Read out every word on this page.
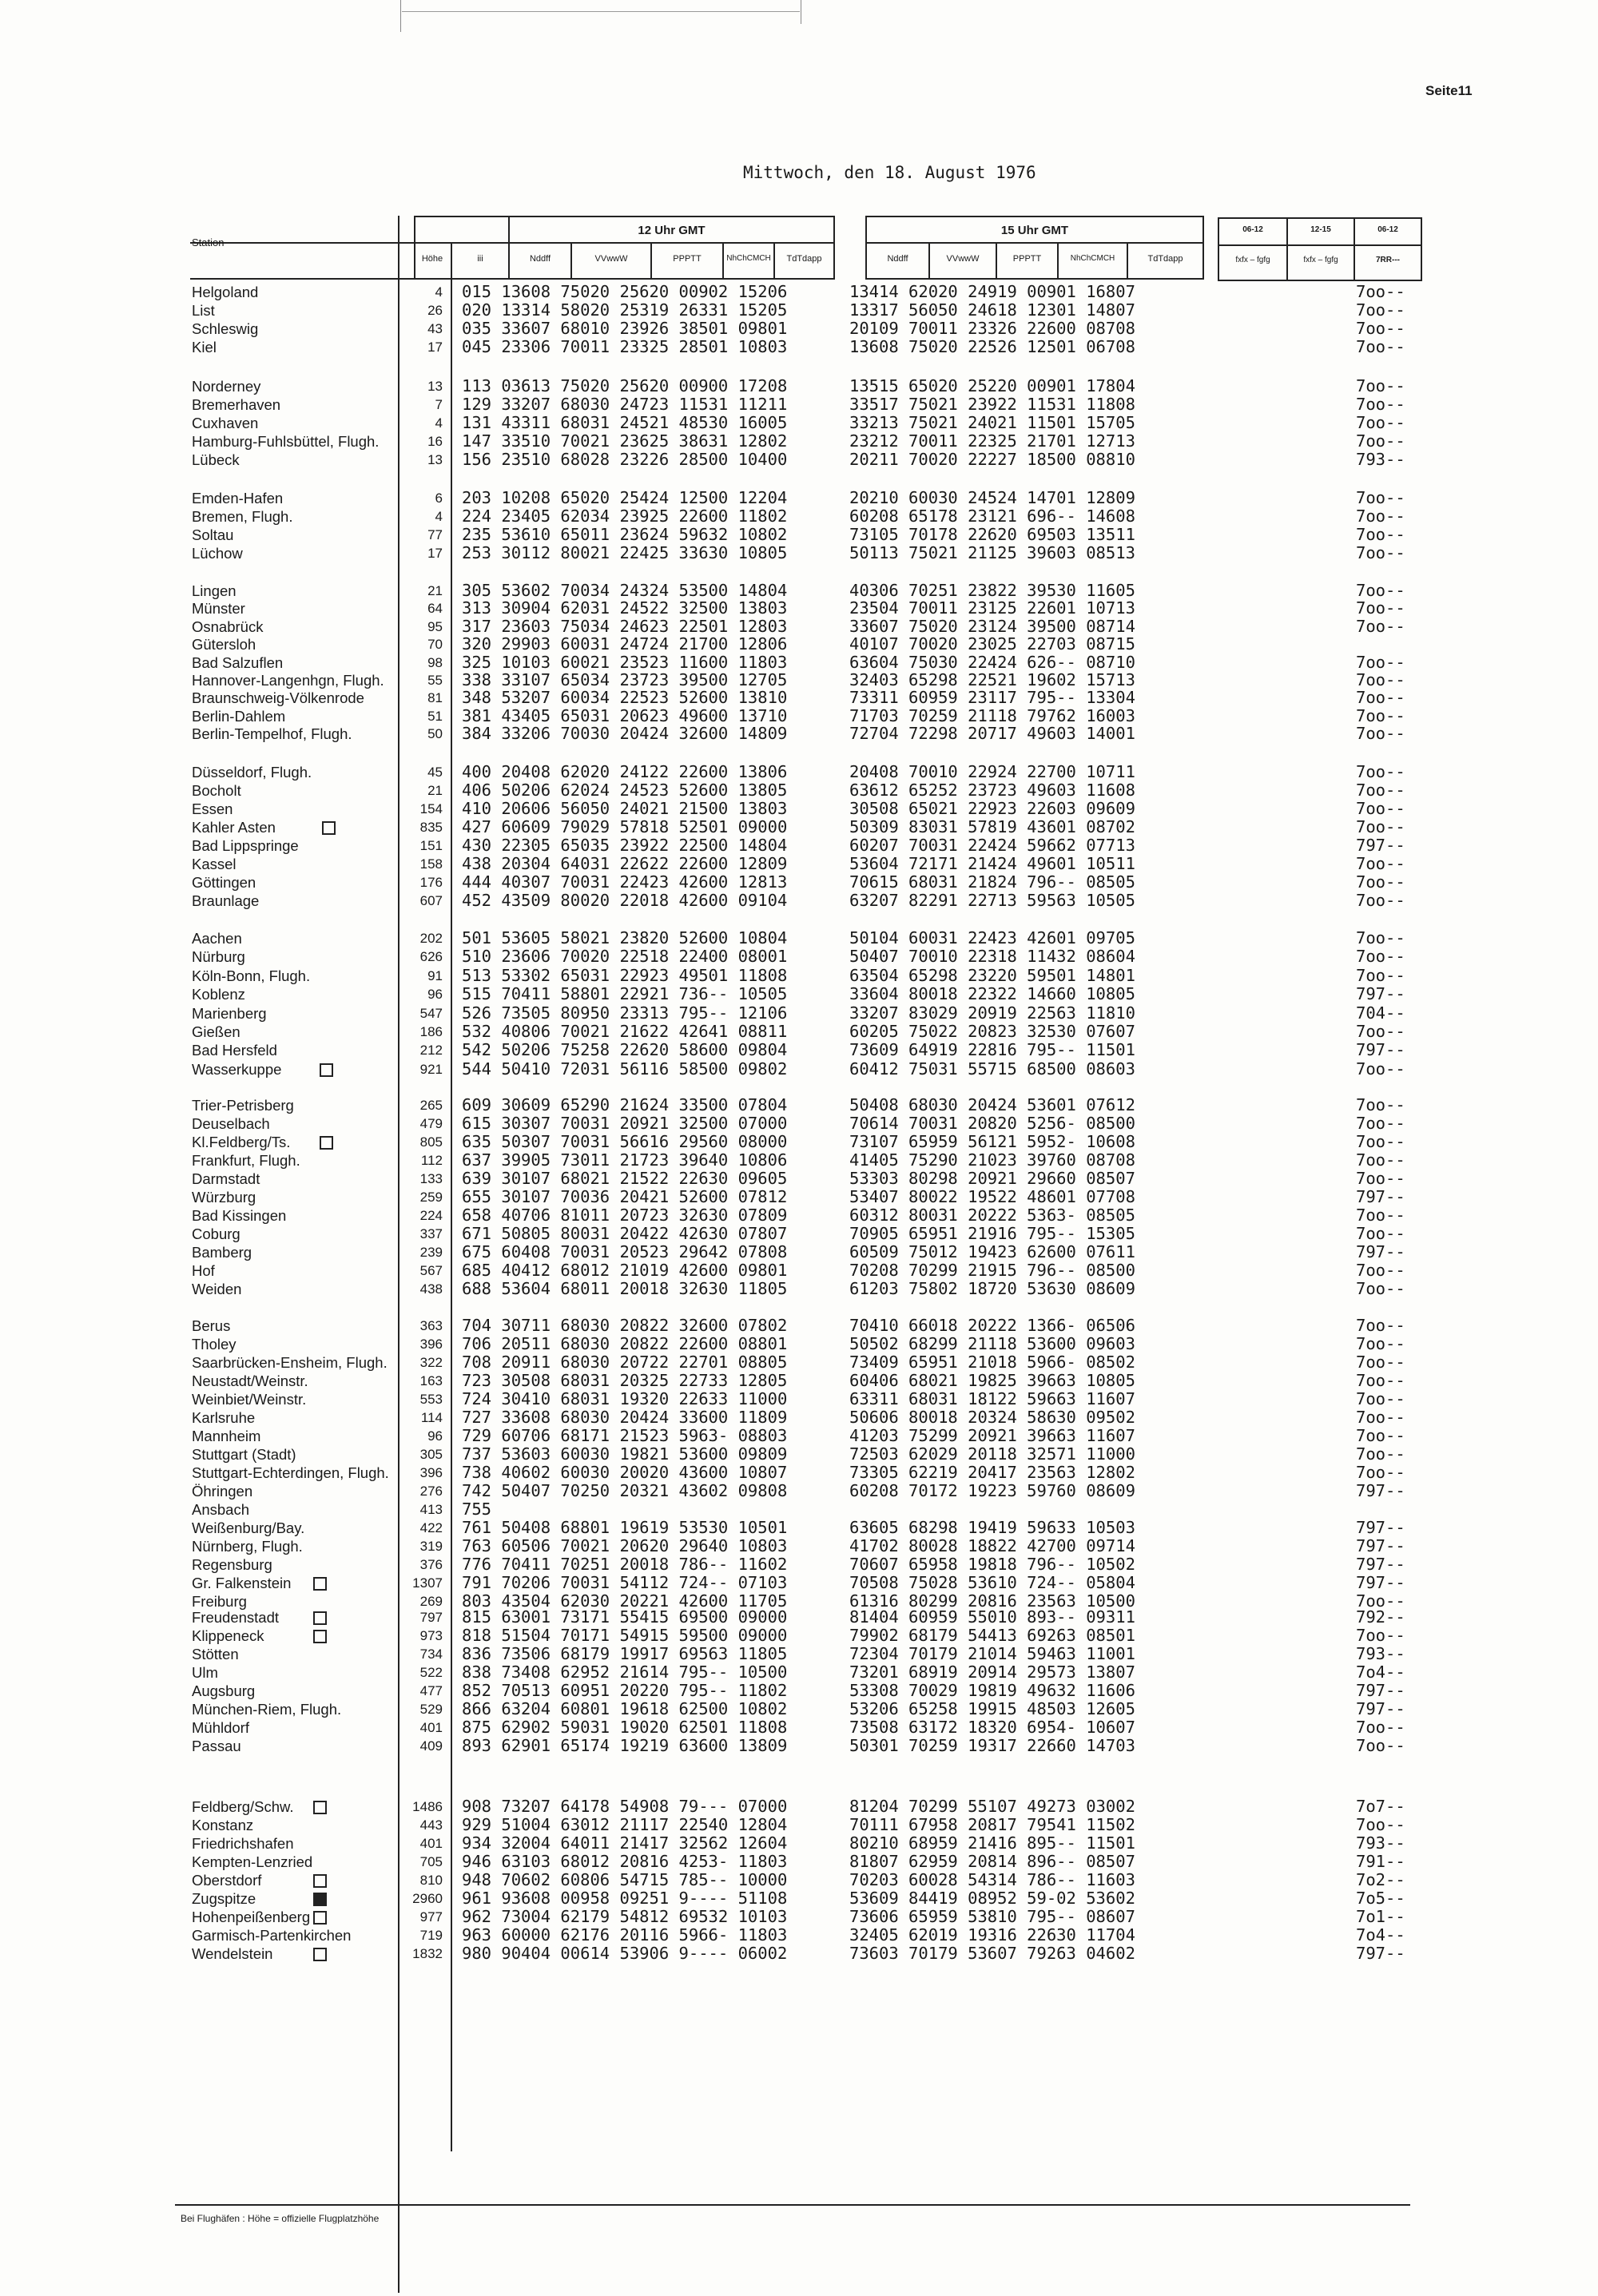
Seite11
Mittwoch, den 18. August 1976
Station
Höhe	iii
12 Uhr GMT	15 Uhr GMT
Nddff	VVwwW	PPPTT	NhChCMCH	TdTdapp	Nddff	VVwwW	PPPTT	NhChCMCH	TdTdapp
06-12	12-15	06-12
fxfx – fgfg	fxfx – fgfg	7RR---
Helgoland	4 015 13608 75020 25620 00902 15206	13414 62020 24919 00901 16807	7oo--
List	26 020 13314 58020 25319 26331 15205	13317 56050 24618 12301 14807	7oo--
Schleswig	43 035 33607 68010 23926 38501 09801	20109 70011 23326 22600 08708	7oo--
Kiel	17 045 23306 70011 23325 28501 10803	13608 75020 22526 12501 06708	7oo--
Norderney	13 113 03613 75020 25620 00900 17208	13515 65020 25220 00901 17804	7oo--
Bremerhaven	7 129 33207 68030 24723 11531 11211	33517 75021 23922 11531 11808	7oo--
Cuxhaven	4 131 43311 68031 24521 48530 16005	33213 75021 24021 11501 15705	7oo--
Hamburg-Fuhlsbüttel, Flugh.	16 147 33510 70021 23625 38631 12802	23212 70011 22325 21701 12713	7oo--
Lübeck	13 156 23510 68028 23226 28500 10400	20211 70020 22227 18500 08810	793--
Emden-Hafen	6 203 10208 65020 25424 12500 12204	20210 60030 24524 14701 12809	7oo--
Bremen, Flugh.	4 224 23405 62034 23925 22600 11802	60208 65178 23121 696-- 14608	7oo--
Soltau	77 235 53610 65011 23624 59632 10802	73105 70178 22620 69503 13511	7oo--
Lüchow	17 253 30112 80021 22425 33630 10805	50113 75021 21125 39603 08513	7oo--
Lingen	21 305 53602 70034 24324 53500 14804	40306 70251 23822 39530 11605	7oo--
Münster	64 313 30904 62031 24522 32500 13803	23504 70011 23125 22601 10713	7oo--
Osnabrück	95 317 23603 75034 24623 22501 12803	33607 75020 23124 39500 08714	7oo--
Gütersloh	70 320 29903 60031 24724 21700 12806	40107 70020 23025 22703 08715
Bad Salzuflen	98 325 10103 60021 23523 11600 11803	63604 75030 22424 626-- 08710	7oo--
Hannover-Langenhgn, Flugh.	55 338 33107 65034 23723 39500 12705	32403 65298 22521 19602 15713	7oo--
Braunschweig-Völkenrode	81 348 53207 60034 22523 52600 13810	73311 60959 23117 795-- 13304	7oo--
Berlin-Dahlem	51 381 43405 65031 20623 49600 13710	71703 70259 21118 79762 16003	7oo--
Berlin-Tempelhof, Flugh.	50 384 33206 70030 20424 32600 14809	72704 72298 20717 49603 14001	7oo--
Düsseldorf, Flugh.	45 400 20408 62020 24122 22600 13806	20408 70010 22924 22700 10711	7oo--
Bocholt	21 406 50206 62024 24523 52600 13805	63612 65252 23723 49603 11608	7oo--
Essen	154 410 20606 56050 24021 21500 13803	30508 65021 22923 22603 09609	7oo--
Kahler Asten	835 427 60609 79029 57818 52501 09000	50309 83031 57819 43601 08702	7oo--
Bad Lippspringe	151 430 22305 65035 23922 22500 14804	60207 70031 22424 59662 07713	797--
Kassel	158 438 20304 64031 22622 22600 12809	53604 72171 21424 49601 10511	7oo--
Göttingen	176 444 40307 70031 22423 42600 12813	70615 68031 21824 796-- 08505	7oo--
Braunlage	607 452 43509 80020 22018 42600 09104	63207 82291 22713 59563 10505	7oo--
Aachen	202 501 53605 58021 23820 52600 10804	50104 60031 22423 42601 09705	7oo--
Nürburg	626 510 23606 70020 22518 22400 08001	50407 70010 22318 11432 08604	7oo--
Köln-Bonn, Flugh.	91 513 53302 65031 22923 49501 11808	63504 65298 23220 59501 14801	7oo--
Koblenz	96 515 70411 58801 22921 736-- 10505	33604 80018 22322 14660 10805	797--
Marienberg	547 526 73505 80950 23313 795-- 12106	33207 83029 20919 22563 11810	704--
Gießen	186 532 40806 70021 21622 42641 08811	60205 75022 20823 32530 07607	7oo--
Bad Hersfeld	212 542 50206 75258 22620 58600 09804	73609 64919 22816 795-- 11501	797--
Wasserkuppe	921 544 50410 72031 56116 58500 09802	60412 75031 55715 68500 08603	7oo--
Trier-Petrisberg	265 609 30609 65290 21624 33500 07804	50408 68030 20424 53601 07612	7oo--
Deuselbach	479 615 30307 70031 20921 32500 07000	70614 70031 20820 5256- 08500	7oo--
Kl.Feldberg/Ts.	805 635 50307 70031 56616 29560 08000	73107 65959 56121 5952- 10608	7oo--
Frankfurt, Flugh.	112 637 39905 73011 21723 39640 10806	41405 75290 21023 39760 08708	7oo--
Darmstadt	133 639 30107 68021 21522 22630 09605	53303 80298 20921 29660 08507	7oo--
Würzburg	259 655 30107 70036 20421 52600 07812	53407 80022 19522 48601 07708	797--
Bad Kissingen	224 658 40706 81011 20723 32630 07809	60312 80031 20222 5363- 08505	7oo--
Coburg	337 671 50805 80031 20422 42630 07807	70905 65951 21916 795-- 15305	7oo--
Bamberg	239 675 60408 70031 20523 29642 07808	60509 75012 19423 62600 07611	797--
Hof	567 685 40412 68012 21019 42600 09801	70208 70299 21915 796-- 08500	7oo--
Weiden	438 688 53604 68011 20018 32630 11805	61203 75802 18720 53630 08609	7oo--
Berus	363 704 30711 68030 20822 32600 07802	70410 66018 20222 1366- 06506	7oo--
Tholey	396 706 20511 68030 20822 22600 08801	50502 68299 21118 53600 09603	7oo--
Saarbrücken-Ensheim, Flugh.	322 708 20911 68030 20722 22701 08805	73409 65951 21018 5966- 08502	7oo--
Neustadt/Weinstr.	163 723 30508 68031 20325 22733 12805	60406 68021 19825 39663 10805	7oo--
Weinbiet/Weinstr.	553 724 30410 68031 19320 22633 11000	63311 68031 18122 59663 11607	7oo--
Karlsruhe	114 727 33608 68030 20424 33600 11809	50606 80018 20324 58630 09502	7oo--
Mannheim	96 729 60706 68171 21523 5963- 08803	41203 75299 20921 39663 11607	7oo--
Stuttgart (Stadt)	305 737 53603 60030 19821 53600 09809	72503 62029 20118 32571 11000	7oo--
Stuttgart-Echterdingen, Flugh.	396 738 40602 60030 20020 43600 10807	73305 62219 20417 23563 12802	7oo--
Öhringen	276 742 50407 70250 20321 43602 09808	60208 70172 19223 59760 08609	797--
Ansbach	413 755
Weißenburg/Bay.	422 761 50408 68801 19619 53530 10501	63605 68298 19419 59633 10503	797--
Nürnberg, Flugh.	319 763 60506 70021 20620 29640 10803	41702 80028 18822 42700 09714	797--
Regensburg	376 776 70411 70251 20018 786-- 11602	70607 65958 19818 796-- 10502	797--
Gr. Falkenstein	1307 791 70206 70031 54112 724-- 07103	70508 75028 53610 724-- 05804	797--
Freiburg	269 803 43504 62030 20221 42600 11705	61316 80299 20816 23563 10500	7oo--
Freudenstadt	797 815 63001 73171 55415 69500 09000	81404 60959 55010 893-- 09311	792--
Klippeneck	973 818 51504 70171 54915 59500 09000	79902 68179 54413 69263 08501	7oo--
Stötten	734 836 73506 68179 19917 69563 11805	72304 70179 21014 59463 11001	793--
Ulm	522 838 73408 62952 21614 795-- 10500	73201 68919 20914 29573 13807	7o4--
Augsburg	477 852 70513 60951 20220 795-- 11802	53308 70029 19819 49632 11606	797--
München-Riem, Flugh.	529 866 63204 60801 19618 62500 10802	53206 65258 19915 48503 12605	797--
Mühldorf	401 875 62902 59031 19020 62501 11808	73508 63172 18320 6954- 10607	7oo--
Passau	409 893 62901 65174 19219 63600 13809	50301 70259 19317 22660 14703	7oo--
Feldberg/Schw.	1486 908 73207 64178 54908 79--- 07000	81204 70299 55107 49273 03002	7o7--
Konstanz	443 929 51004 63012 21117 22540 12804	70111 67958 20817 79541 11502	7oo--
Friedrichshafen	401 934 32004 64011 21417 32562 12604	80210 68959 21416 895-- 11501	793--
Kempten-Lenzried	705 946 63103 68012 20816 4253- 11803	81807 62959 20814 896-- 08507	791--
Oberstdorf	810 948 70602 60806 54715 785-- 10000	70203 60028 54314 786-- 11603	7o2--
Zugspitze	2960 961 93608 00958 09251 9---- 51108	53609 84419 08952 59-02 53602	7o5--
Hohenpeißenberg	977 962 73004 62179 54812 69532 10103	73606 65959 53810 795-- 08607	7o1--
Garmisch-Partenkirchen	719 963 60000 62176 20116 5966- 11803	32405 62019 19316 22630 11704	7o4--
Wendelstein	1832 980 90404 00614 53906 9---- 06002	73603 70179 53607 79263 04602	797--
Bei Flughäfen : Höhe = offizielle Flugplatzhöhe
